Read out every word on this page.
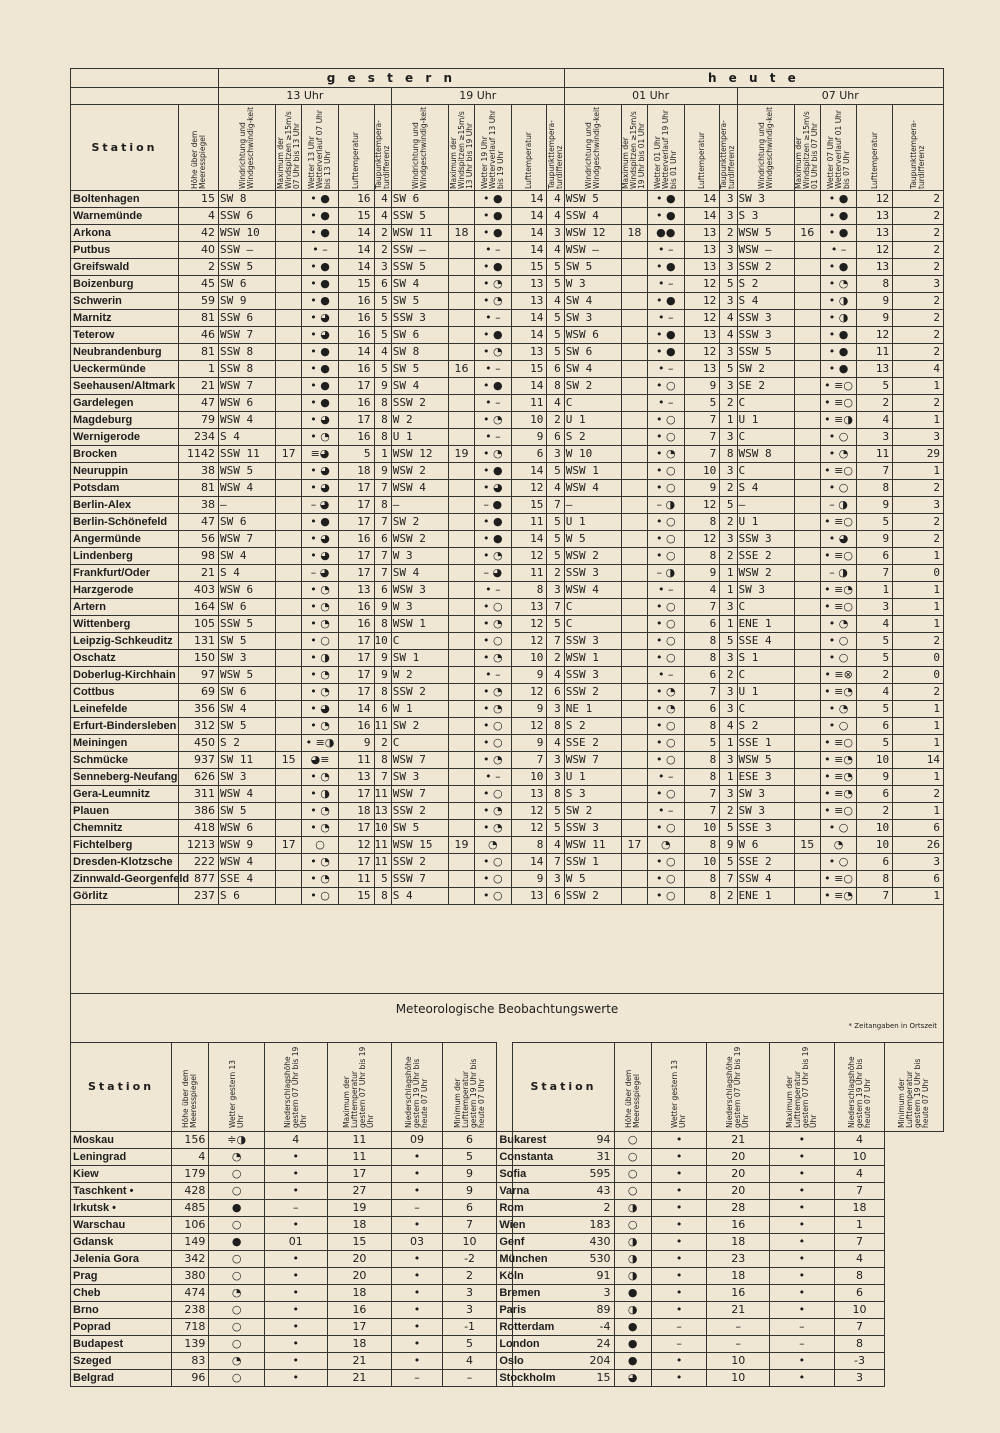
		g e s t e r n										h e u t e									
		13 Uhr					19 Uhr					01 Uhr					07 Uhr				
Station	Höhe über dem Meeresspiegel	Windrichtung und Windgeschwindig-keit	Maximum der Windspitzen ≥15m/s 07 Uhr bis 13 Uhr	Wetter 13 Uhr Wetterverlauf 07 Uhr bis 13 Uhr	Lufttemperatur	Taupunkttempera-turdifferenz	Windrichtung und Windgeschwindig-keit	Maximum der Windspitzen ≥15m/s 13 Uhr bis 19 Uhr	Wetter 19 Uhr Wetterverlauf 13 Uhr bis 19 Uhr	Lufttemperatur	Taupunkttempera-turdifferenz	Windrichtung und Windgeschwindig-keit	Maximum der Windspitzen ≥15m/s 19 Uhr bis 01 Uhr	Wetter 01 Uhr Wetterverlauf 19 Uhr bis 01 Uhr	Lufttemperatur	Taupunkttempera-turdifferenz	Windrichtung und Windgeschwindig-keit	Maximum der Windspitzen ≥15m/s 01 Uhr bis 07 Uhr	Wetter 07 Uhr Wetterverlauf 01 Uhr bis 07 Uhr	Lufttemperatur	Taupunkttempera-turdifferenz

Boltenhagen	15	SW 8		• ●	16	4	SW 6		• ●	14	4	WSW 5		• ●	14	3	SW 3		• ●	12	2
Warnemünde	4	SSW 6		• ●	15	4	SSW 5		• ●	14	4	SSW 4		• ●	14	3	S 3		• ●	13	2
Arkona	42	WSW 10		• ●	14	2	WSW 11	18	• ●	14	3	WSW 12	18	●●	13	2	WSW 5	16	• ●	13	2
Putbus	40	SSW –		• –	14	2	SSW –		• –	14	4	WSW –		• –	13	3	WSW –		• –	12	2
Greifswald	2	SSW 5		• ●	14	3	SSW 5		• ●	15	5	SW 5		• ●	13	3	SSW 2		• ●	13	2
Boizenburg	45	SW 6		• ●	15	6	SW 4		• ◔	13	5	W 3		• –	12	5	S 2		• ◔	8	3
Schwerin	59	SW 9		• ●	16	5	SW 5		• ◔	13	4	SW 4		• ●	12	3	S 4		• ◑	9	2
Marnitz	81	SSW 6		• ◕	16	5	SSW 3		• –	14	5	SW 3		• –	12	4	SSW 3		• ◑	9	2
Teterow	46	WSW 7		• ◕	16	5	SW 6		• ●	14	5	WSW 6		• ●	13	4	SSW 3		• ●	12	2
Neubrandenburg	81	SSW 8		• ●	14	4	SW 8		• ◔	13	5	SW 6		• ●	12	3	SSW 5		• ●	11	2
Ueckermünde	1	SSW 8		• ●	16	5	SW 5	16	• –	15	6	SW 4		• –	13	5	SW 2		• ●	13	4
Seehausen/Altmark	21	WSW 7		• ●	17	9	SW 4		• ●	14	8	SW 2		• ○	9	3	SE 2		• ≡○	5	1
Gardelegen	47	WSW 6		• ●	16	8	SSW 2		• –	11	4	C		• –	5	2	C		• ≡○	2	2
Magdeburg	79	WSW 4		• ◕	17	8	W 2		• ◔	10	2	U 1		• ○	7	1	U 1		• ≡◑	4	1
Wernigerode	234	S 4		• ◔	16	8	U 1		• –	9	6	S 2		• ○	7	3	C		• ○	3	3
Brocken	1142	SSW 11	17	≡◕	5	1	WSW 12	19	• ◔	6	3	W 10		• ◔	7	8	WSW 8		• ◔	11	29
Neuruppin	38	WSW 5		• ◕	18	9	WSW 2		• ●	14	5	WSW 1		• ○	10	3	C		• ≡○	7	1
Potsdam	81	WSW 4		• ◕	17	7	WSW 4		• ◕	12	4	WSW 4		• ○	9	2	S 4		• ○	8	2
Berlin-Alex	38	–		– ◕	17	8	–		– ●	15	7	–		– ◑	12	5	–		– ◑	9	3
Berlin-Schönefeld	47	SW 6		• ●	17	7	SW 2		• ●	11	5	U 1		• ○	8	2	U 1		• ≡○	5	2
Angermünde	56	WSW 7		• ◕	16	6	WSW 2		• ●	14	5	W 5		• ○	12	3	SSW 3		• ◕	9	2
Lindenberg	98	SW 4		• ◕	17	7	W 3		• ◔	12	5	WSW 2		• ○	8	2	SSE 2		• ≡○	6	1
Frankfurt/Oder	21	S 4		– ◕	17	7	SW 4		– ◕	11	2	SSW 3		– ◑	9	1	WSW 2		– ◑	7	0
Harzgerode	403	WSW 6		• ◔	13	6	WSW 3		• –	8	3	WSW 4		• –	4	1	SW 3		• ≡◔	1	1
Artern	164	SW 6		• ◔	16	9	W 3		• ○	13	7	C		• ○	7	3	C		• ≡○	3	1
Wittenberg	105	SSW 5		• ◔	16	8	WSW 1		• ◔	12	5	C		• ○	6	1	ENE 1		• ◔	4	1
Leipzig-Schkeuditz	131	SW 5		• ○	17	10	C		• ○	12	7	SSW 3		• ○	8	5	SSE 4		• ○	5	2
Oschatz	150	SW 3		• ◑	17	9	SW 1		• ◔	10	2	WSW 1		• ○	8	3	S 1		• ○	5	0
Doberlug-Kirchhain	97	WSW 5		• ◔	17	9	W 2		• –	9	4	SSW 3		• –	6	2	C		• ≡⊗	2	0
Cottbus	69	SW 6		• ◔	17	8	SSW 2		• ◔	12	6	SSW 2		• ◔	7	3	U 1		• ≡◔	4	2
Leinefelde	356	SW 4		• ◕	14	6	W 1		• ◔	9	3	NE 1		• ◔	6	3	C		• ◔	5	1
Erfurt-Bindersleben	312	SW 5		• ◔	16	11	SW 2		• ○	12	8	S 2		• ○	8	4	S 2		• ○	6	1
Meiningen	450	S 2		• ≡◑	9	2	C		• ○	9	4	SSE 2		• ○	5	1	SSE 1		• ≡○	5	1
Schmücke	937	SW 11	15	◕≡	11	8	WSW 7		• ◔	7	3	WSW 7		• ○	8	3	WSW 5		• ≡◔	10	14
Senneberg-Neufang	626	SW 3		• ◔	13	7	SW 3		• –	10	3	U 1		• –	8	1	ESE 3		• ≡◔	9	1
Gera-Leumnitz	311	WSW 4		• ◑	17	11	WSW 7		• ○	13	8	S 3		• ○	7	3	SW 3		• ≡◔	6	2
Plauen	386	SW 5		• ◔	18	13	SSW 2		• ◔	12	5	SW 2		• –	7	2	SW 3		• ≡○	2	1
Chemnitz	418	WSW 6		• ◔	17	10	SW 5		• ◔	12	5	SSW 3		• ○	10	5	SSE 3		• ○	10	6
Fichtelberg	1213	WSW 9	17	○	12	11	WSW 15	19	◔	8	4	WSW 11	17	◔	8	9	W 6	15	◔	10	26
Dresden-Klotzsche	222	WSW 4		• ◔	17	11	SSW 2		• ○	14	7	SSW 1		• ○	10	5	SSE 2		• ○	6	3
Zinnwald-Georgenfeld	877	SSE 4		• ◔	11	5	SSW 7		• ○	9	3	W 5		• ○	8	7	SSW 4		• ≡○	8	6
Görlitz	237	S 6		• ○	15	8	S 4		• ○	13	6	SSW 2		• ○	8	2	ENE 1		• ≡◔	7	1
Meteorologische Beobachtungswerte
* Zeitangaben in Ortszeit
Station	Höhe über dem Meeresspiegel	Wetter gestern 13 Uhr	Niederschlagshöhe gestern 07 Uhr bis 19 Uhr	Maximum der Lufttemperatur gestern 07 Uhr bis 19 Uhr	Niederschlagshöhe gestern 19 Uhr bis heute 07 Uhr	Minimum der Lufttemperatur gestern 19 Uhr bis heute 07 Uhr		Station	Höhe über dem Meeresspiegel	Wetter gestern 13 Uhr	Niederschlagshöhe gestern 07 Uhr bis 19 Uhr	Maximum der Lufttemperatur gestern 07 Uhr bis 19 Uhr	Niederschlagshöhe gestern 19 Uhr bis heute 07 Uhr	Minimum der Lufttemperatur gestern 19 Uhr bis heute 07 Uhr

Moskau	156	≑◑	4	11	09	6	Bukarest	94	○	•	21	•	4	
Leningrad	4	◔	•	11	•	5	Constanta	31	○	•	20	•	10	
Kiew	179	○	•	17	•	9	Sofia	595	○	•	20	•	4	
Taschkent •	428	○	•	27	•	9	Varna	43	○	•	20	•	7	
Irkutsk •	485	●	–	19	–	6	Rom	2	◑	•	28	•	18	
Warschau	106	○	•	18	•	7	Wien	183	○	•	16	•	1	
Gdansk	149	●	01	15	03	10	Genf	430	◑	•	18	•	7	
Jelenia Gora	342	○	•	20	•	-2	München	530	◑	•	23	•	4	
Prag	380	○	•	20	•	2	Köln	91	◑	•	18	•	8	
Cheb	474	◔	•	18	•	3	Bremen	3	●	•	16	•	6	
Brno	238	○	•	16	•	3	Paris	89	◑	•	21	•	10	
Poprad	718	○	•	17	•	-1	Rotterdam	-4	●	–	–	–	7	
Budapest	139	○	•	18	•	5	London	24	●	–	–	–	8	
Szeged	83	◔	•	21	•	4	Oslo	204	●	•	10	•	-3	
Belgrad	96	○	•	21	–	–	Stockholm	15	◕	•	10	•	3	
